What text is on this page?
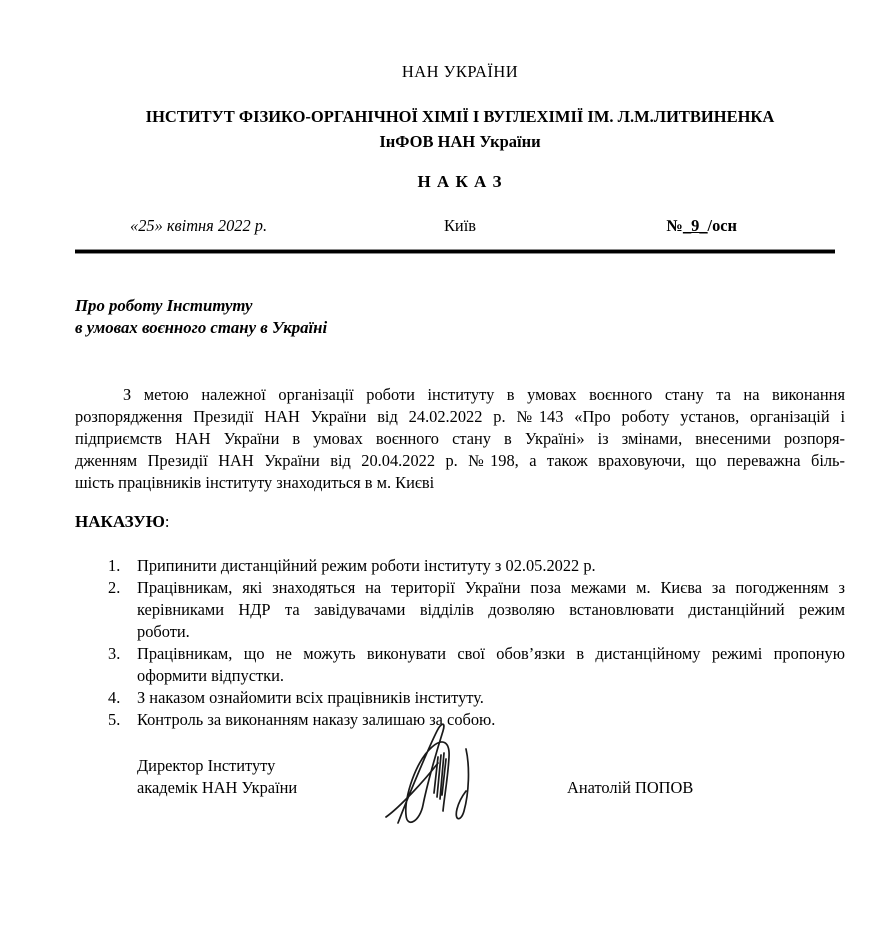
НАН УКРАЇНИ
ІНСТИТУТ ФІЗИКО-ОРГАНІЧНОЇ ХІМІЇ І ВУГЛЕХІМІЇ ІМ. Л.М.ЛИТВИНЕНКА
ІнФОВ НАН України
Н А К А З
«25» квітня 2022 р.	Київ	№_9_/осн
Про роботу Інституту
в умовах воєнного стану в Україні
З метою належної організації роботи інституту в умовах воєнного стану та на виконання
розпорядження Президії НАН України від 24.02.2022 р. №143 «Про роботу установ, організацій і
підприємств НАН України в умовах воєнного стану в Україні» із змінами, внесеними розпоря-
дженням Президії НАН України від 20.04.2022 р. №198, а також враховуючи, що переважна біль-
шість працівників інституту знаходиться в м. Києві
НАКАЗУЮ:
1.	Припинити дистанційний режим роботи інституту з 02.05.2022 р.
2.	Працівникам, які знаходяться на території України поза межами м. Києва за погодженням з
керівниками НДР та завідувачами відділів дозволяю встановлювати дистанційний режим
роботи.
3.	Працівникам, що не можуть виконувати свої обов’язки в дистанційному режимі пропоную
оформити відпустки.
4.	З наказом ознайомити всіх працівників інституту.
5.	Контроль за виконанням наказу залишаю за собою.
Директор Інституту
академік НАН України	Анатолій ПОПОВ
